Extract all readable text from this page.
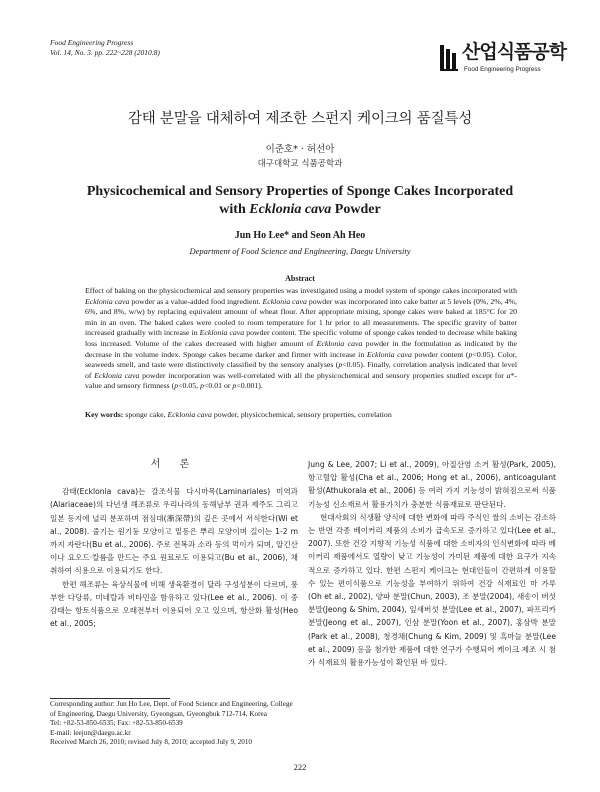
Food Engineering Progress
Vol. 14, No. 3. pp. 222~228 (2010.8)	산업식품공학
Food Engineering Progress
감태 분말을 대체하여 제조한 스펀지 케이크의 품질특성
이준호* · 허선아
대구대학교 식품공학과
Physicochemical and Sensory Properties of Sponge Cakes Incorporated
with Ecklonia cava Powder
Jun Ho Lee* and Seon Ah Heo
Department of Food Science and Engineering, Daegu University
Abstract

Effect of baking on the physicochemical and sensory properties was investigated using a model system of sponge cakes incorporated with Ecklonia cava powder as a value-added food ingredient. Ecklonia cava powder was incorporated into cake batter at 5 levels (0%, 2%, 4%, 6%, and 8%, w/w) by replacing equivalent amount of wheat flour. After appropriate mixing, sponge cakes were baked at 185°C for 20 min in an oven. The baked cakes were cooled to room temperature for 1 hr prior to all measurements. The specific gravity of batter increased gradually with increase in Ecklonia cava powder content. The specific volume of sponge cakes tended to decrease while baking loss increased. Volume of the cakes decreased with higher amount of Ecklonia cava powder in the formulation as indicated by the decrease in the volume index. Sponge cakes became darker and firmer with increase in Ecklonia cava powder content (p<0.05). Color, seaweeds smell, and taste were distinctively classified by the sensory analyses (p<0.05). Finally, correlation analysis indicated that level of Ecklonia cava powder incorporation was well-correlated with all the physicochemical and sensory properties studied except for a*-value and sensory firmness (p<0.05, p<0.01 or p<0.001).

Key words: sponge cake, Ecklonia cava powder, physicochemical, sensory properties, correlation

서 론

감태(Ecklonia cava)는 갈조식물 다시마목(Laminariales) 미역과(Alariaceae)의 다년생 해조류로 우리나라의 동해남부 권과 제주도 그리고 일본 등지에 널리 분포하며 점심대(漸深帶)의 깊은 곳에서 서식한다(Wi et al., 2008). 줄기는 원기둥 모양이고 밑동은 뿌리 모양이며 길이는 1-2 m까지 자란다(Bu et al., 2006). 주로 전복과 소라 등의 먹이가 되며, 알긴산이나 요오드·칼륨을 만드는 주요 원료로도 이용되고(Bu et al., 2006), 채취하여 식용으로 이용되기도 한다.

한편 해조류는 육상식물에 비해 생육환경이 달라 구성성분이 다르며, 풍부한 다당류, 미네랄과 비타민을 함유하고 있다(Lee et al., 2006). 이 중 감태는 항토식품으로 오래전부터 이용되어 오고 있으며, 항산화 활성(Heo et al., 2005;

Jung & Lee, 2007; Li et al., 2009), 아질산염 소거 활성(Park, 2005), 항고혈압 활성(Cha et al., 2006; Hong et al., 2006), anticoagulant 활성(Athukorala et al., 2006) 등 여러 가지 기능성이 밝혀짐으로써 식품 기능성 신소재로서 활용가치가 충분한 식품재료로 판단된다.

현대사회의 식생활 양식에 대한 변화에 따라 주식인 쌀의 소비는 감소하는 반면 각종 베이커리 제품의 소비가 급속도로 증가하고 있다(Lee et al., 2007). 또한 건강 지향적 기능성 식품에 대한 소비자의 인식변화에 따라 베이커리 제품에서도 열량이 낮고 기능성이 가미된 제품에 대한 요구가 지속적으로 증가하고 있다. 한편 스펀지 케이크는 현대인들이 간편하게 이용할 수 있는 편이식품으로 기능성을 부여하기 위하여 건강 식재료인 마 가루(Oh et al., 2002), 양파 분말(Chun, 2003), 조 분말(2004), 새송이 버섯 분말(Jeong & Shim, 2004), 잎새버섯 분말(Lee et al., 2007), 파프리카 분말(Jeong et al., 2007), 인삼 분말(Yoon et al., 2007), 홍삼박 분말(Park et al., 2008), 청경채(Chung & Kim, 2009) 및 흑마늘 분말(Lee et al., 2009) 등을 첨가한 제품에 대한 연구가 수행되어 케이크 제조 시 첨가 식재료의 활용가능성이 확인된 바 있다.

Corresponding author: Jun Ho Lee, Dept. of Food Science and Engineering, College of Engineering, Daegu University, Gyeongsan, Gyeongbuk 712-714, Korea
Tel: +82-53-850-6535; Fax: +82-53-850-6539
E-mail: leejun@daegu.ac.kr
Received March 26, 2010; revised July 8, 2010; accepted July 9, 2010
222
